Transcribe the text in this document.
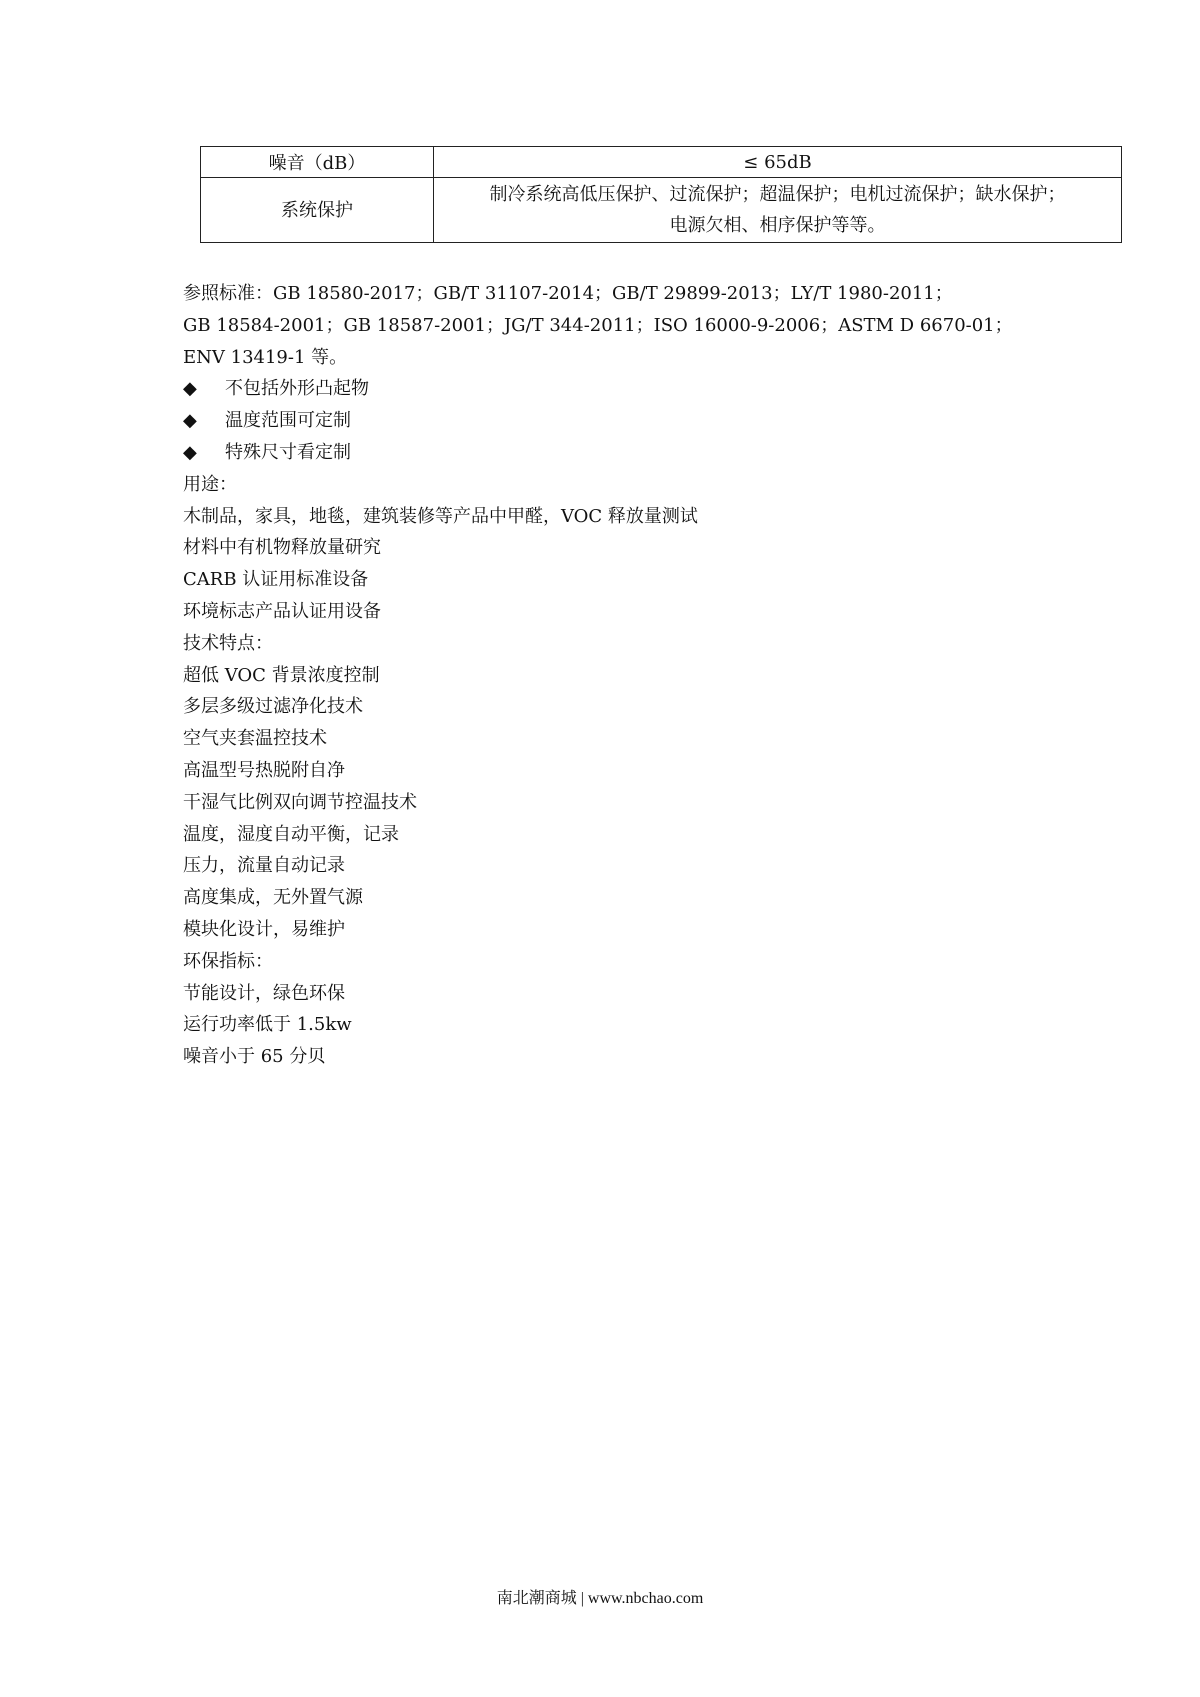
噪音（dB）	≤ 65dB
系统保护	制冷系统高低压保护、过流保护；超温保护；电机过流保护；缺水保护；
电源欠相、相序保护等等。
参照标准：GB 18580-2017；GB/T 31107-2014；GB/T 29899-2013；LY/T 1980-2011；
GB 18584-2001；GB 18587-2001；JG/T 344-2011；ISO 16000-9-2006；ASTM D 6670-01；
ENV 13419-1 等。
◆ 不包括外形凸起物
◆ 温度范围可定制
◆ 特殊尺寸看定制
用途：
木制品，家具，地毯，建筑装修等产品中甲醛，VOC 释放量测试
材料中有机物释放量研究
CARB 认证用标准设备
环境标志产品认证用设备
技术特点：
超低 VOC 背景浓度控制
多层多级过滤净化技术
空气夹套温控技术
高温型号热脱附自净
干湿气比例双向调节控温技术
温度，湿度自动平衡，记录
压力，流量自动记录
高度集成，无外置气源
模块化设计，易维护
环保指标：
节能设计，绿色环保
运行功率低于 1.5kw
噪音小于 65 分贝
南北潮商城 | www.nbchao.com
